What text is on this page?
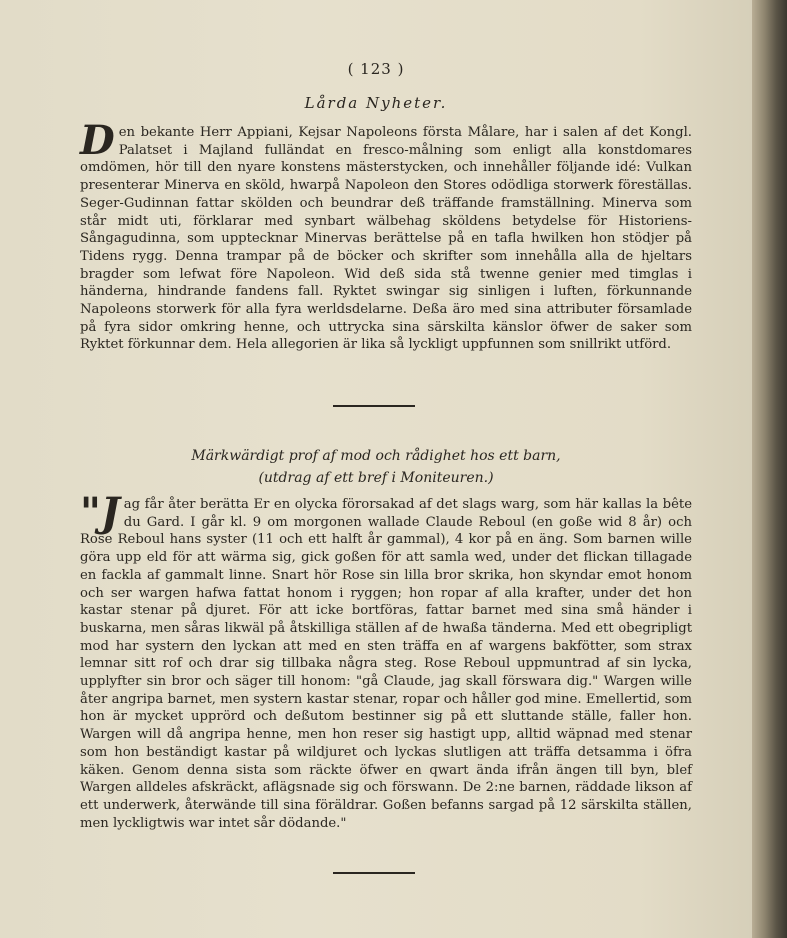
( 123 )
Lårda Nyheter.
Den bekante Herr Appiani, Kejsar Napoleons första Målare, har i salen af det Kongl. Palatset i Majland fulländat en fresco-målning som enligt alla konstdomares omdömen, hör till den nyare konstens mästerstycken, och innehåller följande idé: Vulkan presenterar Minerva en sköld, hwarpå Napoleon den Stores odödliga storwerk föreställas. Seger-Gudinnan fattar skölden och beundrar deß träffande framställning. Minerva som står midt uti, förklarar med synbart wälbehag sköldens betydelse för Historiens-Sångagudinna, som upptecknar Minervas berättelse på en tafla hwilken hon stödjer på Tidens rygg. Denna trampar på de böcker och skrifter som innehålla alla de hjeltars bragder som lefwat före Napoleon. Wid deß sida stå twenne genier med timglas i händerna, hindrande fandens fall. Ryktet swingar sig sinligen i luften, förkunnande Napoleons storwerk för alla fyra werldsdelarne. Deßa äro med sina attributer församlade på fyra sidor omkring henne, och uttrycka sina särskilta känslor öfwer de saker som Ryktet förkunnar dem. Hela allegorien är lika så lyckligt uppfunnen som snillrikt utförd.
Märkwärdigt prof af mod och rådighet hos ett barn,
(utdrag af ett bref i Moniteuren.)
"Jag får åter berätta Er en olycka förorsakad af det slags warg, som här kallas la bête du Gard. I går kl. 9 om morgonen wallade Claude Reboul (en goße wid 8 år) och Rose Reboul hans syster (11 och ett halft år gammal), 4 kor på en äng. Som barnen wille göra upp eld för att wärma sig, gick goßen för att samla wed, under det flickan tillagade en fackla af gammalt linne. Snart hör Rose sin lilla bror skrika, hon skyndar emot honom och ser wargen hafwa fattat honom i ryggen; hon ropar af alla krafter, under det hon kastar stenar på djuret. För att icke bortföras, fattar barnet med sina små händer i buskarna, men såras likwäl på åtskilliga ställen af de hwaßa tänderna. Med ett obegripligt mod har systern den lyckan att med en sten träffa en af wargens bakfötter, som strax lemnar sitt rof och drar sig tillbaka några steg. Rose Reboul uppmuntrad af sin lycka, upplyfter sin bror och säger till honom: "gå Claude, jag skall förswara dig." Wargen wille åter angripa barnet, men systern kastar stenar, ropar och håller god mine. Emellertid, som hon är mycket upprörd och deßutom bestinner sig på ett sluttande ställe, faller hon. Wargen will då angripa henne, men hon reser sig hastigt upp, alltid wäpnad med stenar som hon beständigt kastar på wildjuret och lyckas slutligen att träffa detsamma i öfra käken. Genom denna sista som räckte öfwer en qwart ända ifrån ängen till byn, blef Wargen alldeles afskräckt, aflägsnade sig och förswann. De 2:ne barnen, räddade likson af ett underwerk, återwände till sina föräldrar. Goßen befanns sargad på 12 särskilta ställen, men lyckligtwis war intet sår dödande."
